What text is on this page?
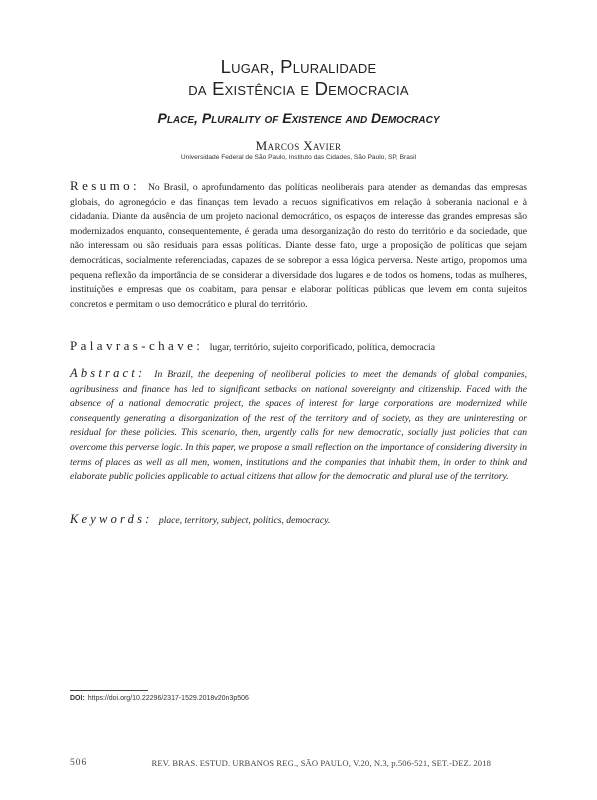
Lugar, Pluralidade
da Existência e Democracia
Place, Plurality of Existence and Democracy
Marcos Xavier
Universidade Federal de São Paulo, Instituto das Cidades, São Paulo, SP, Brasil
Resumo: No Brasil, o aprofundamento das políticas neoliberais para atender as demandas das empresas globais, do agronegócio e das finanças tem levado a recuos significativos em relação à soberania nacional e à cidadania. Diante da ausência de um projeto nacional democrático, os espaços de interesse das grandes empresas são modernizados enquanto, consequentemente, é gerada uma desorganização do resto do território e da sociedade, que não interessam ou são residuais para essas políticas. Diante desse fato, urge a proposição de políticas que sejam democráticas, socialmente referenciadas, capazes de se sobrepor a essa lógica perversa. Neste artigo, propomos uma pequena reflexão da importância de se considerar a diversidade dos lugares e de todos os homens, todas as mulheres, instituições e empresas que os coabitam, para pensar e elaborar políticas públicas que levem em conta sujeitos concretos e permitam o uso democrático e plural do território.
Palavras-chave: lugar, território, sujeito corporificado, política, democracia
Abstract: In Brazil, the deepening of neoliberal policies to meet the demands of global companies, agribusiness and finance has led to significant setbacks on national sovereignty and citizenship. Faced with the absence of a national democratic project, the spaces of interest for large corporations are modernized while consequently generating a disorganization of the rest of the territory and of society, as they are uninteresting or residual for these policies. This scenario, then, urgently calls for new democratic, socially just policies that can overcome this perverse logic. In this paper, we propose a small reflection on the importance of considering diversity in terms of places as well as all men, women, institutions and the companies that inhabit them, in order to think and elaborate public policies applicable to actual citizens that allow for the democratic and plural use of the territory.
Keywords: place, territory, subject, politics, democracy.
DOI: https://doi.org/10.22296/2317-1529.2018v20n3p506
506	REV. BRAS. ESTUD. URBANOS REG., SÃO PAULO, V.20, N.3, p.506-521, SET.-DEZ. 2018
